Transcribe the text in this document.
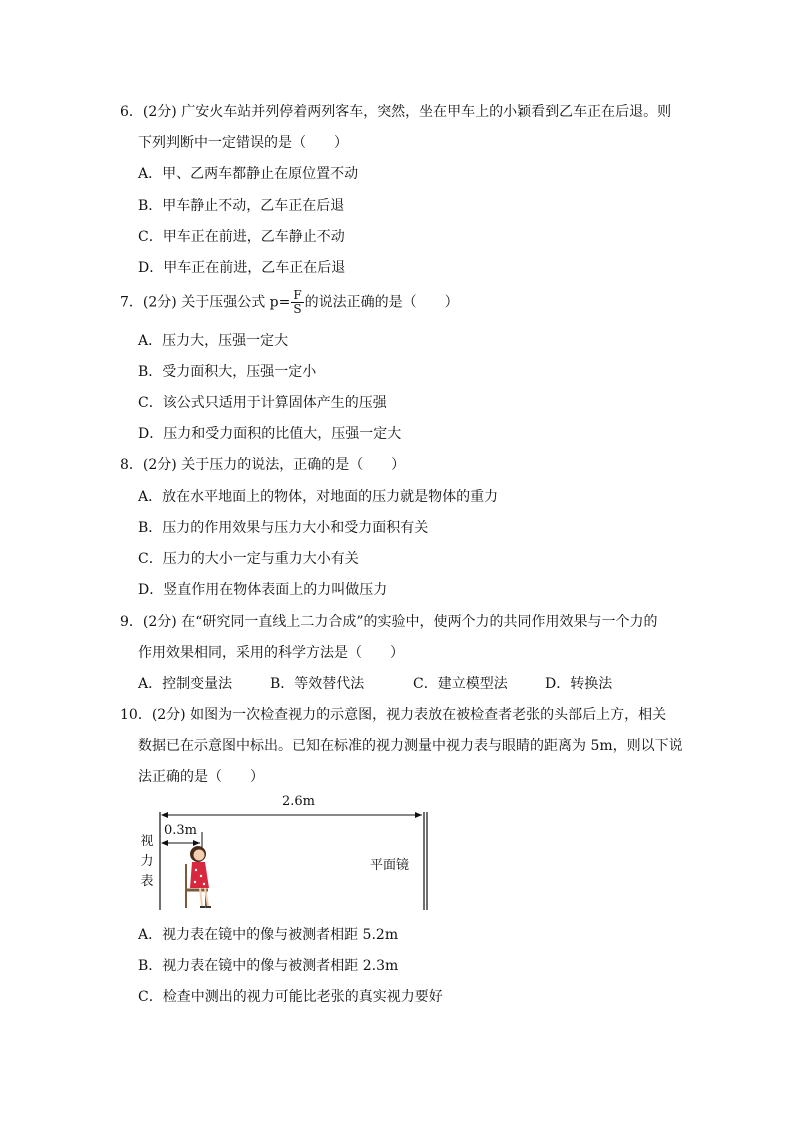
6．(2分) 广安火车站并列停着两列客车，突然，坐在甲车上的小颖看到乙车正在后退。则
下列判断中一定错误的是（　　）
A．甲、乙两车都静止在原位置不动
B．甲车静止不动，乙车正在后退
C．甲车正在前进，乙车静止不动
D．甲车正在前进，乙车正在后退
7．(2分) 关于压强公式 $p= \frac{F}{S}$ 的说法正确的是（　　）
A．压力大，压强一定大
B．受力面积大，压强一定小
C．该公式只适用于计算固体产生的压强
D．压力和受力面积的比值大，压强一定大
8．(2分) 关于压力的说法，正确的是（　　）
A．放在水平地面上的物体，对地面的压力就是物体的重力
B．压力的作用效果与压力大小和受力面积有关
C．压力的大小一定与重力大小有关
D．竖直作用在物体表面上的力叫做压力
9．(2分) 在“研究同一直线上二力合成”的实验中，使两个力的共同作用效果与一个力的
作用效果相同，采用的科学方法是（　　）
A．控制变量法	B．等效替代法	C．建立模型法	D．转换法
10．(2分) 如图为一次检查视力的示意图，视力表放在被检查者老张的头部后上方，相关
数据已在示意图中标出。已知在标准的视力测量中视力表与眼睛的距离为 5m，则以下说
法正确的是（　　）
2.6m
0.3m
视
力
表
平面镜
A．视力表在镜中的像与被测者相距 5.2m
B．视力表在镜中的像与被测者相距 2.3m
C．检查中测出的视力可能比老张的真实视力要好
